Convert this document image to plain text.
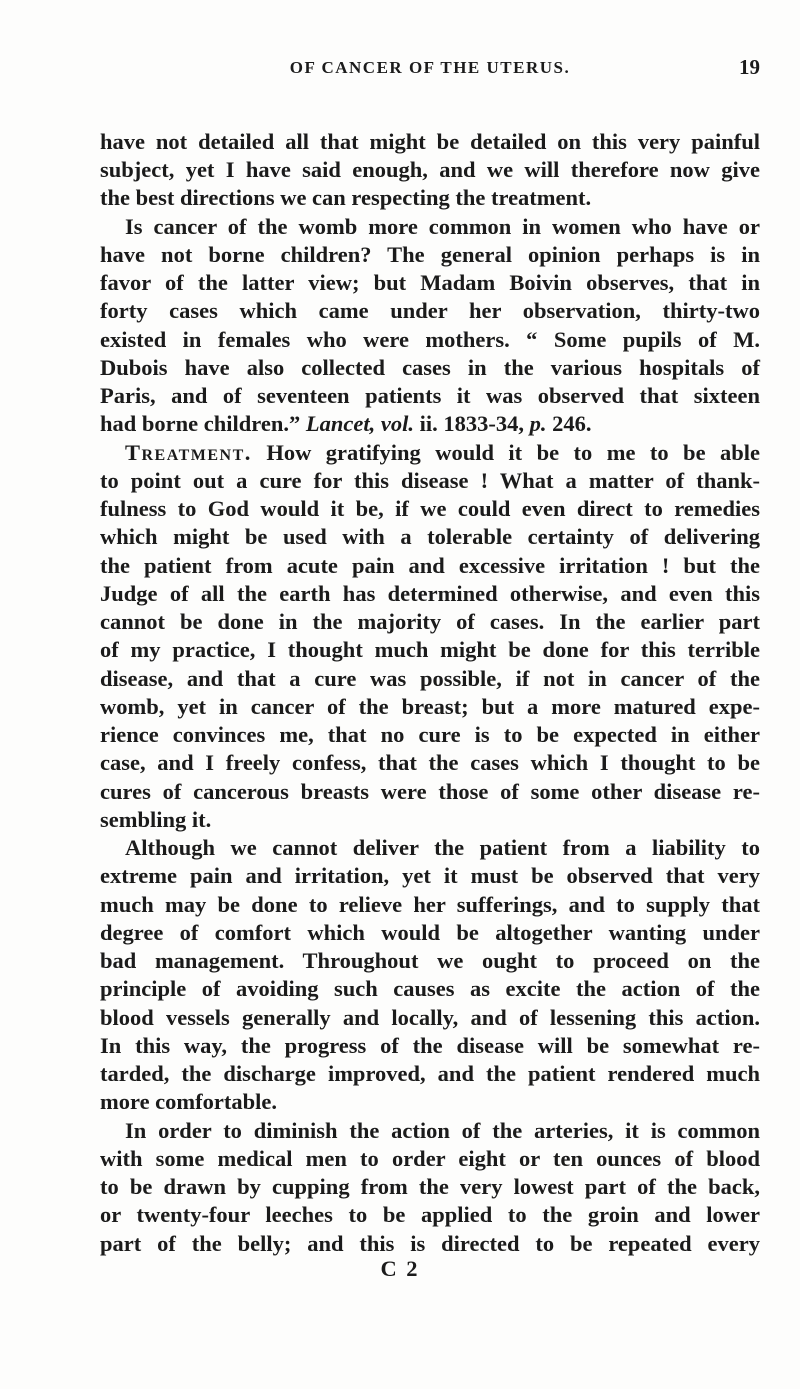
OF CANCER OF THE UTERUS.	19
have not detailed all that might be detailed on this very painful
subject, yet I have said enough, and we will therefore now give
the best directions we can respecting the treatment.
Is cancer of the womb more common in women who have or
have not borne children? The general opinion perhaps is in
favor of the latter view; but Madam Boivin observes, that in
forty cases which came under her observation, thirty-two
existed in females who were mothers. “ Some pupils of M.
Dubois have also collected cases in the various hospitals of
Paris, and of seventeen patients it was observed that sixteen
had borne children.” Lancet, vol. ii. 1833-34, p. 246.
Treatment. How gratifying would it be to me to be able
to point out a cure for this disease ! What a matter of thank-
fulness to God would it be, if we could even direct to remedies
which might be used with a tolerable certainty of delivering
the patient from acute pain and excessive irritation ! but the
Judge of all the earth has determined otherwise, and even this
cannot be done in the majority of cases. In the earlier part
of my practice, I thought much might be done for this terrible
disease, and that a cure was possible, if not in cancer of the
womb, yet in cancer of the breast; but a more matured expe-
rience convinces me, that no cure is to be expected in either
case, and I freely confess, that the cases which I thought to be
cures of cancerous breasts were those of some other disease re-
sembling it.
Although we cannot deliver the patient from a liability to
extreme pain and irritation, yet it must be observed that very
much may be done to relieve her sufferings, and to supply that
degree of comfort which would be altogether wanting under
bad management. Throughout we ought to proceed on the
principle of avoiding such causes as excite the action of the
blood vessels generally and locally, and of lessening this action.
In this way, the progress of the disease will be somewhat re-
tarded, the discharge improved, and the patient rendered much
more comfortable.
In order to diminish the action of the arteries, it is common
with some medical men to order eight or ten ounces of blood
to be drawn by cupping from the very lowest part of the back,
or twenty-four leeches to be applied to the groin and lower
part of the belly; and this is directed to be repeated every
C 2
